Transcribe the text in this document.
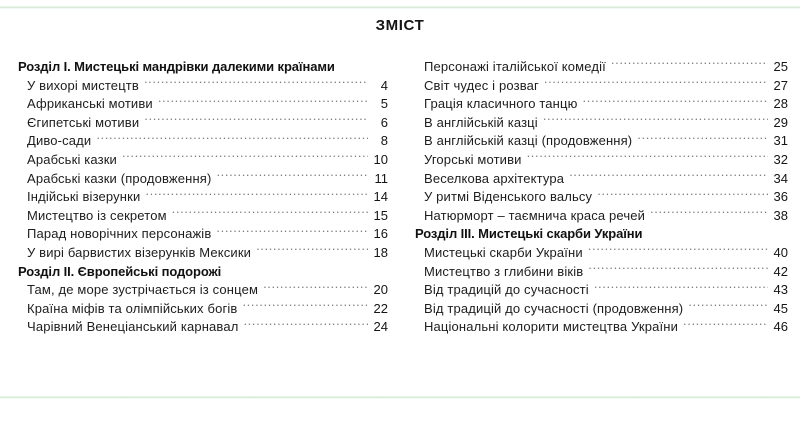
ЗМІСТ
Розділ І. Мистецькі мандрівки далекими країнами
У вихорі мистецтв .....	4
Африканські мотиви .....	5
Єгипетські мотиви .....	6
Диво-сади .....	8
Арабські казки .....	10
Арабські казки (продовження) .....	11
Індійські візерунки .....	14
Мистецтво із секретом .....	15
Парад новорічних персонажів .....	16
У вирі барвистих візерунків Мексики .....	18
Розділ ІІ. Європейські подорожі
Там, де море зустрічається із сонцем .....	20
Країна міфів та олімпійських богів .....	22
Чарівний Венеціанський карнавал .....	24
Персонажі італійської комедії .....	25
Світ чудес і розваг .....	27
Грація класичного танцю .....	28
В англійській казці .....	29
В англійській казці (продовження) .....	31
Угорські мотиви .....	32
Веселкова архітектура .....	34
У ритмі Віденського вальсу .....	36
Натюрморт – таємнича краса речей .....	38
Розділ ІІІ. Мистецькі скарби України
Мистецькі скарби України .....	40
Мистецтво з глибини віків .....	42
Від традицій до сучасності .....	43
Від традицій до сучасності (продовження) .....	45
Національні колорити мистецтва України .....	46
